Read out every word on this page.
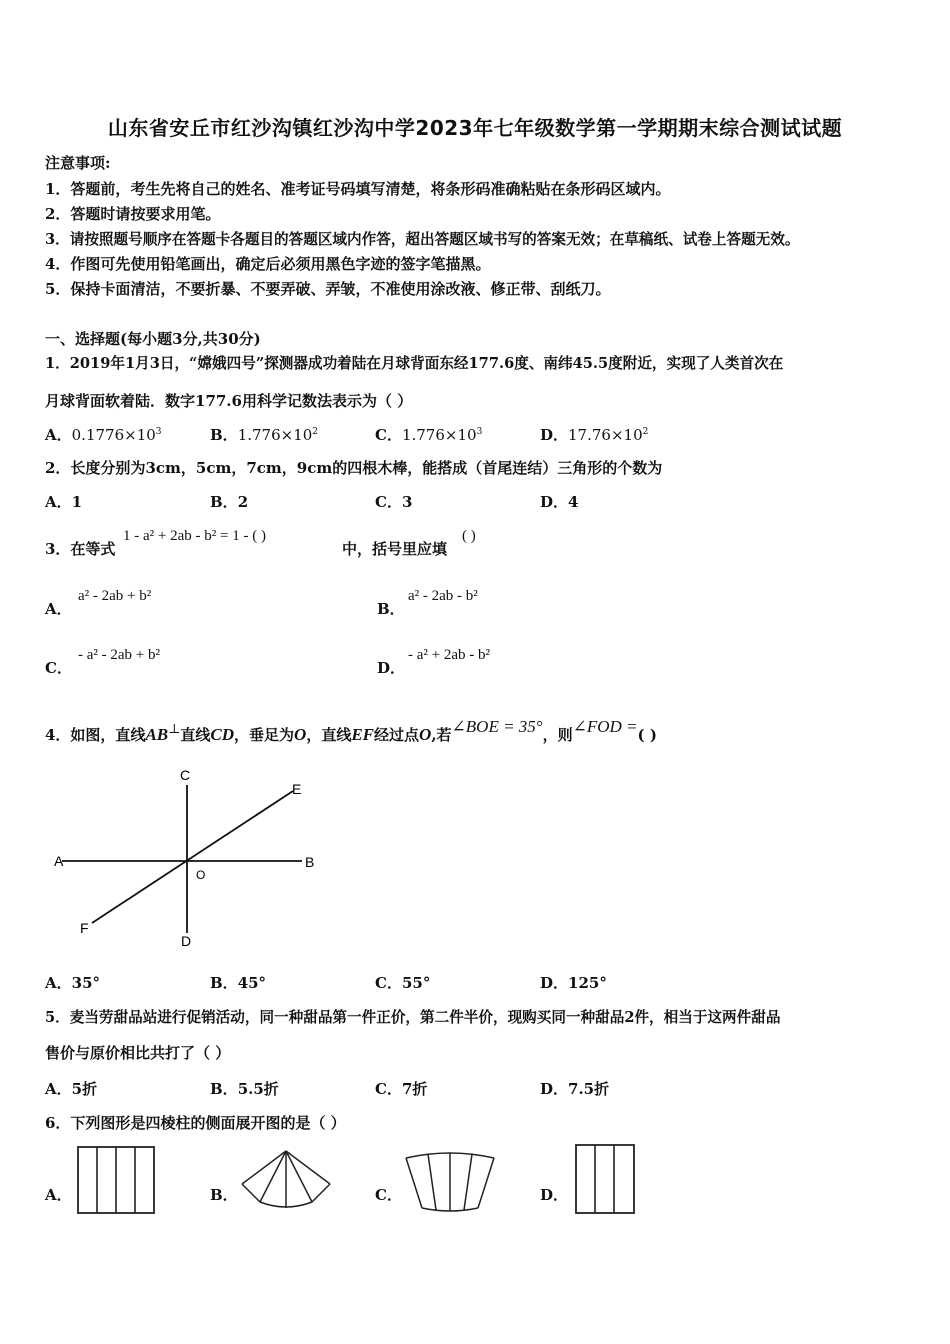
山东省安丘市红沙沟镇红沙沟中学2023年七年级数学第一学期期末综合测试试题
注意事项:
1．答题前，考生先将自己的姓名、准考证号码填写清楚，将条形码准确粘贴在条形码区域内。
2．答题时请按要求用笔。
3．请按照题号顺序在答题卡各题目的答题区域内作答，超出答题区域书写的答案无效；在草稿纸、试卷上答题无效。
4．作图可先使用铅笔画出，确定后必须用黑色字迹的签字笔描黑。
5．保持卡面清洁，不要折暴、不要弄破、弄皱，不准使用涂改液、修正带、刮纸刀。
一、选择题(每小题3分,共30分)
1．2019年1月3日，“嫦娥四号”探测器成功着陆在月球背面东经177.6度、南纬45.5度附近，实现了人类首次在
月球背面软着陆．数字177.6用科学记数法表示为（ ）
A．$0.1776\times 10^3$	B．$1.776\times 10^2$	C．$1.776\times 10^3$	D．$17.76\times 10^2$
2．长度分别为3cm，5cm，7cm，9cm的四根木棒，能搭成（首尾连结）三角形的个数为
A．1	B．2	C．3	D．4
3．在等式
1 - a² + 2ab - b² = 1 - ( )
中，括号里应填
( )
A．
a² - 2ab + b²
B．
a² - 2ab - b²
C．
- a² - 2ab + b²
D．
- a² + 2ab - b²
4．如图，直线AB⊥直线CD，垂足为O，直线EF经过点O,若∠BOE = 35°，则∠FOD =( )
C
E
A	B
O
F
D
A．35°	B．45°	C．55°	D．125°
5．麦当劳甜品站进行促销活动，同一种甜品第一件正价，第二件半价，现购买同一种甜品2件，相当于这两件甜品
售价与原价相比共打了（ ）
A．5折	B．5.5折	C．7折	D．7.5折
6．下列图形是四棱柱的侧面展开图的是（ ）
A．	B．	C．	D．
